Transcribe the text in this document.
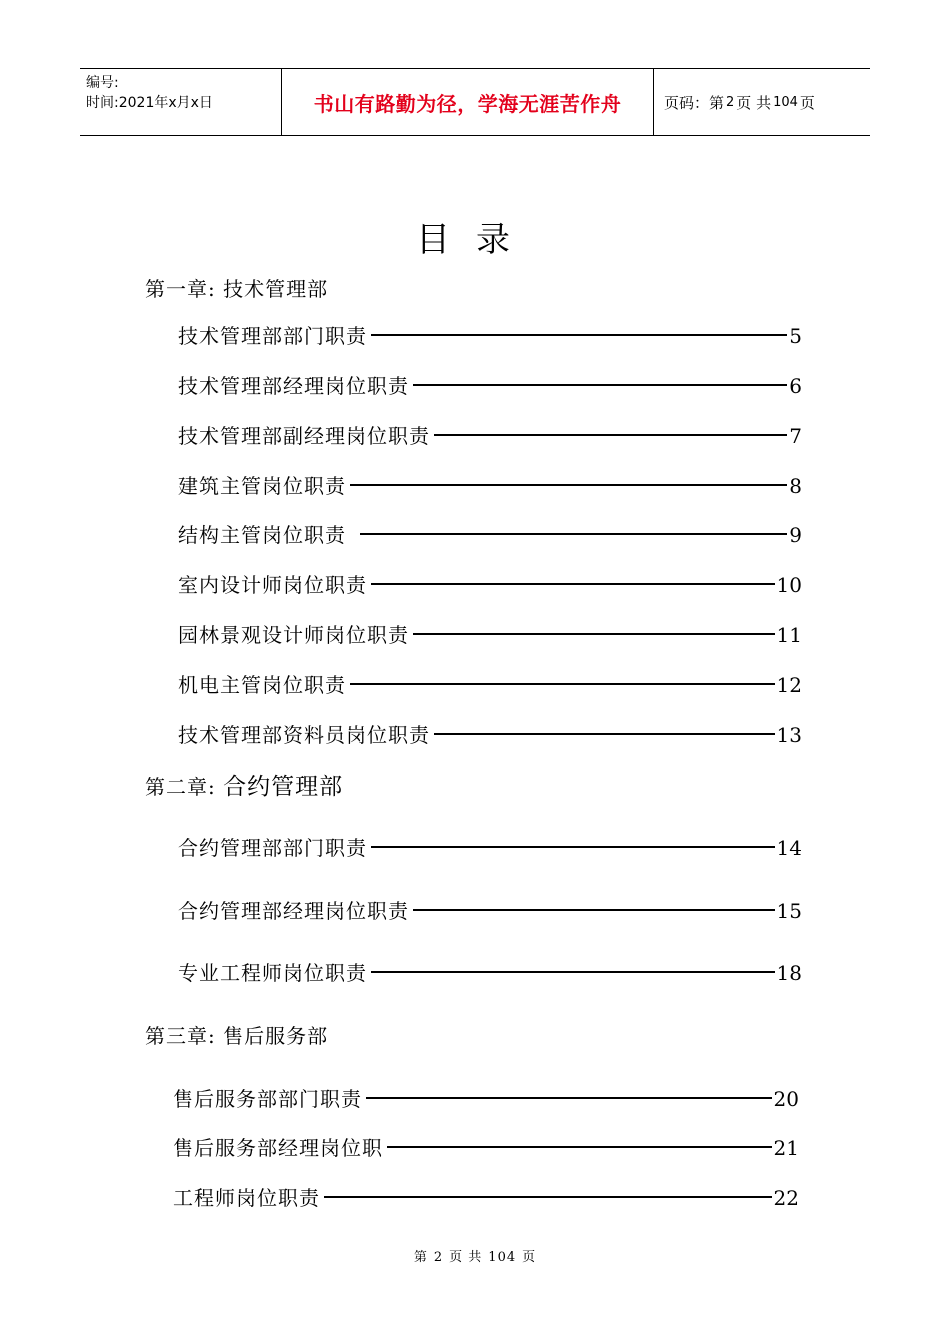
编号:
时间:2021年x月x日	书山有路勤为径，学海无涯苦作舟	页码：第 2 页 共 104 页
目录
第一章: 技术管理部
技术管理部部门职责	5
技术管理部经理岗位职责	6
技术管理部副经理岗位职责	7
建筑主管岗位职责	8
结构主管岗位职责	9
室内设计师岗位职责	10
园林景观设计师岗位职责	11
机电主管岗位职责	12
技术管理部资料员岗位职责	13
第二章: 合约管理部
合约管理部部门职责	14
合约管理部经理岗位职责	15
专业工程师岗位职责	18
第三章: 售后服务部
售后服务部部门职责	20
售后服务部经理岗位职	21
工程师岗位职责	22
第 2 页 共 104 页
